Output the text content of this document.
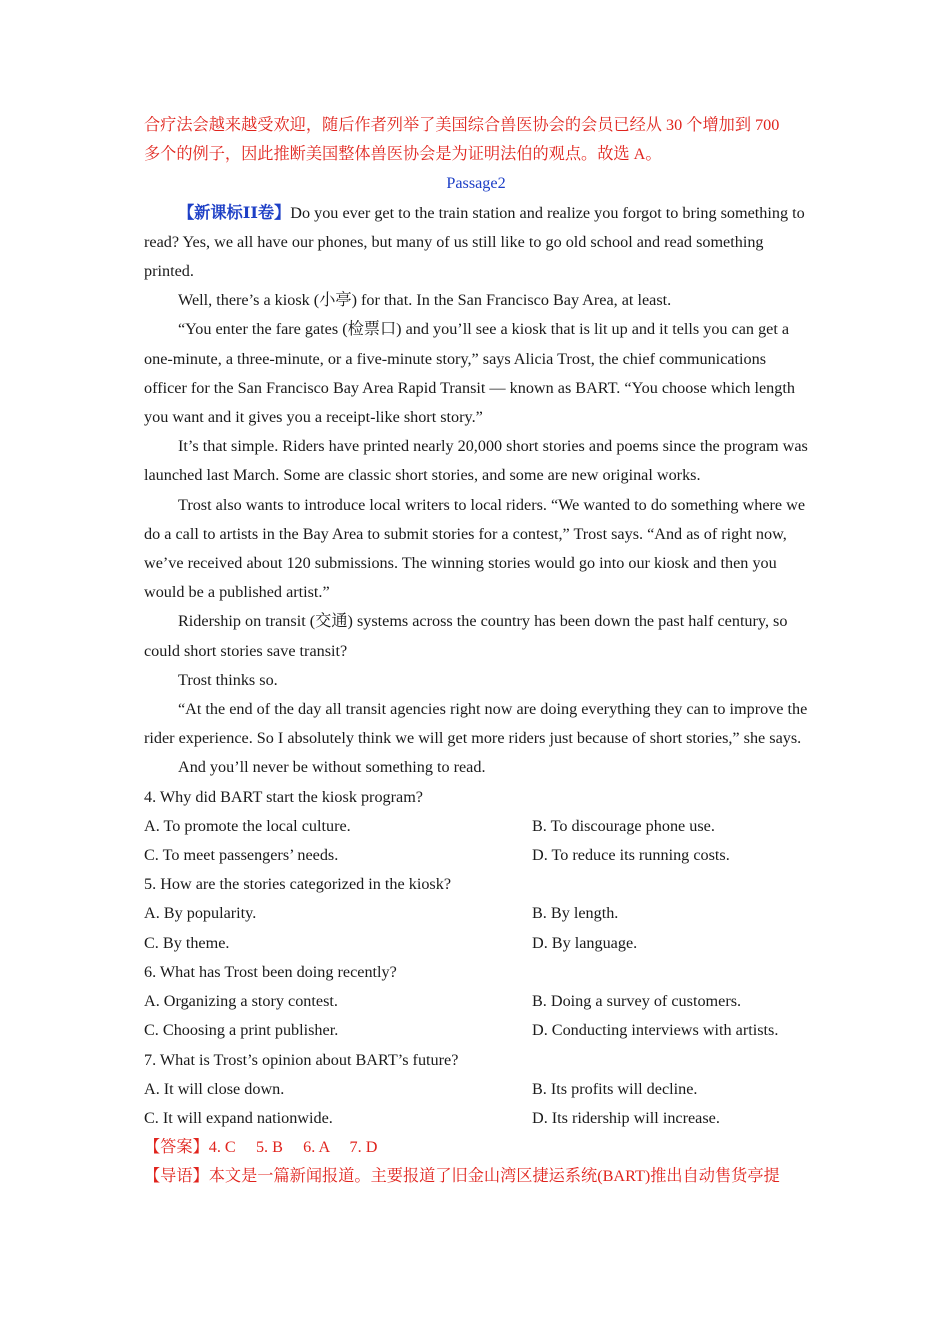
合疗法会越来越受欢迎，随后作者列举了美国综合兽医协会的会员已经从 30 个增加到 700

多个的例子，因此推断美国整体兽医协会是为证明法伯的观点。故选 A。

Passage2

【新课标ⅠⅠ卷】Do you ever get to the train station and realize you forgot to bring something to read? Yes, we all have our phones, but many of us still like to go old school and read something printed.

Well, there’s a kiosk (小亭) for that. In the San Francisco Bay Area, at least.

“You enter the fare gates (检票口) and you’ll see a kiosk that is lit up and it tells you can get a one-minute, a three-minute, or a five-minute story,” says Alicia Trost, the chief communications officer for the San Francisco Bay Area Rapid Transit — known as BART. “You choose which length you want and it gives you a receipt-like short story.”

It’s that simple. Riders have printed nearly 20,000 short stories and poems since the program was launched last March. Some are classic short stories, and some are new original works.

Trost also wants to introduce local writers to local riders. “We wanted to do something where we do a call to artists in the Bay Area to submit stories for a contest,” Trost says. “And as of right now, we’ve received about 120 submissions. The winning stories would go into our kiosk and then you would be a published artist.”

Ridership on transit (交通) systems across the country has been down the past half century, so could short stories save transit?

Trost thinks so.

“At the end of the day all transit agencies right now are doing everything they can to improve the rider experience. So I absolutely think we will get more riders just because of short stories,” she says.

And you’ll never be without something to read.

4. Why did BART start the kiosk program?

A. To promote the local culture.	B. To discourage phone use.
C. To meet passengers’ needs.	D. To reduce its running costs.

5. How are the stories categorized in the kiosk?

A. By popularity.	B. By length.
C. By theme.	D. By language.

6. What has Trost been doing recently?

A. Organizing a story contest.	B. Doing a survey of customers.
C. Choosing a print publisher.	D. Conducting interviews with artists.

7. What is Trost’s opinion about BART’s future?

A. It will close down.	B. Its profits will decline.
C. It will expand nationwide.	D. Its ridership will increase.

【答案】4. C　 5. B　 6. A　 7. D

【导语】本文是一篇新闻报道。主要报道了旧金山湾区捷运系统(BART)推出自动售货亭提
